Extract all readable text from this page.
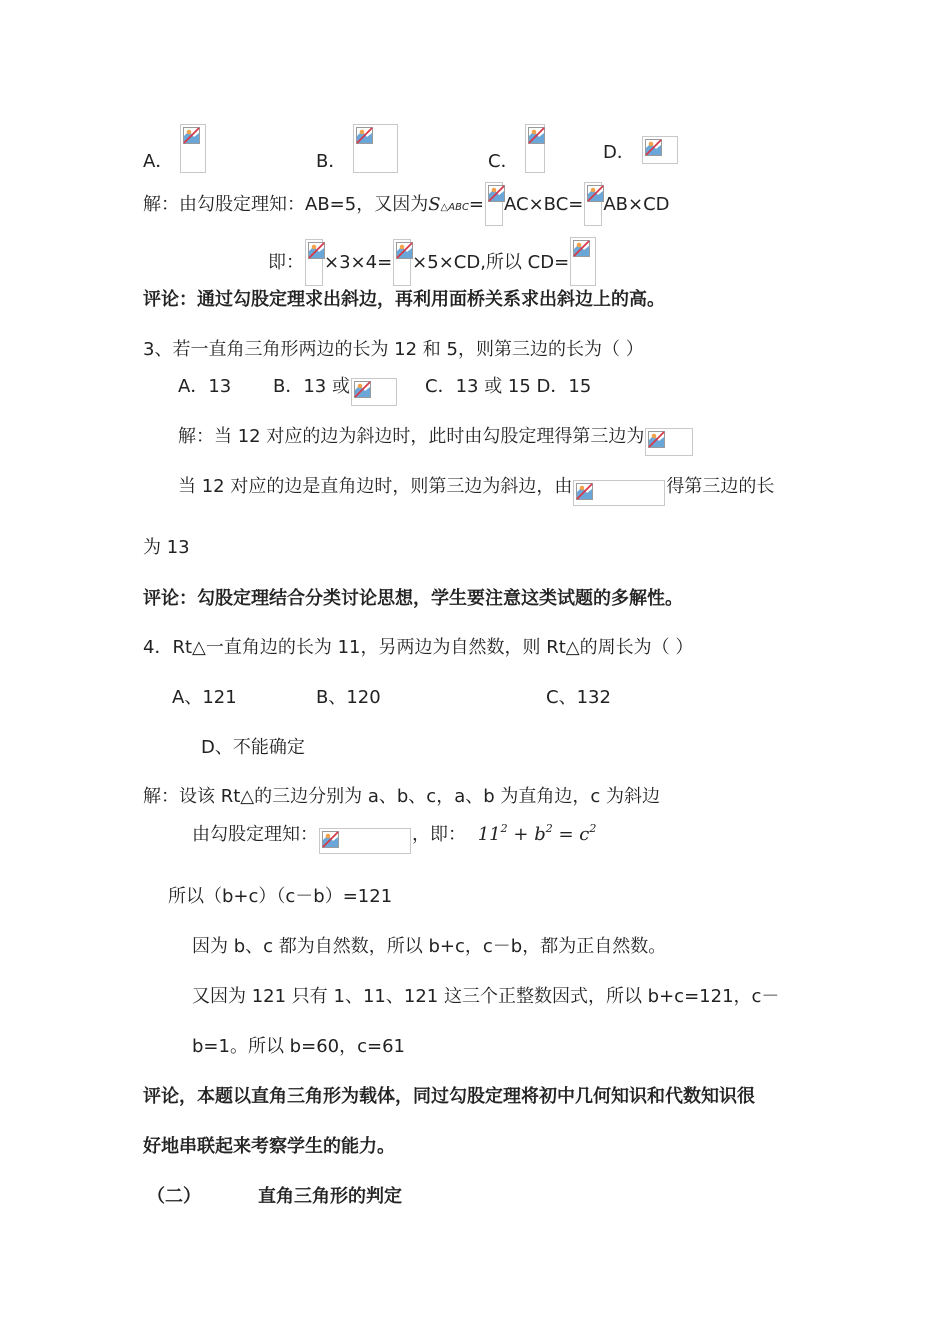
A．	B．	C．	D．
解：由勾股定理知：AB=5，又因为S△ABC= AC×BC= AB×CD
即： ×3×4= ×5×CD,所以 CD=
评论：通过勾股定理求出斜边，再利用面桥关系求出斜边上的高。
3、若一直角三角形两边的长为 12 和 5，则第三边的长为（ ）
A．13 B．13 或	C．13 或 15 D．15
解：当 12 对应的边为斜边时，此时由勾股定理得第三边为
当 12 对应的边是直角边时，则第三边为斜边，由	得第三边的长
为 13
评论：勾股定理结合分类讨论思想，学生要注意这类试题的多解性。
4．Rt△一直角边的长为 11，另两边为自然数，则 Rt△的周长为（ ）
A、121	B、120	C、132
D、不能确定
解：设该 Rt△的三边分别为 a、b、c，a、b 为直角边，c 为斜边
由勾股定理知：	，即： $11^2 + b^2 = c^2$
所以（b+c）（c－b）=121
因为 b、c 都为自然数，所以 b+c，c－b，都为正自然数。
又因为 121 只有 1、11、121 这三个正整数因式，所以 b+c=121，c－
b=1。所以 b=60，c=61
评论，本题以直角三角形为载体，同过勾股定理将初中几何知识和代数知识很
好地串联起来考察学生的能力。
（二）	直角三角形的判定
